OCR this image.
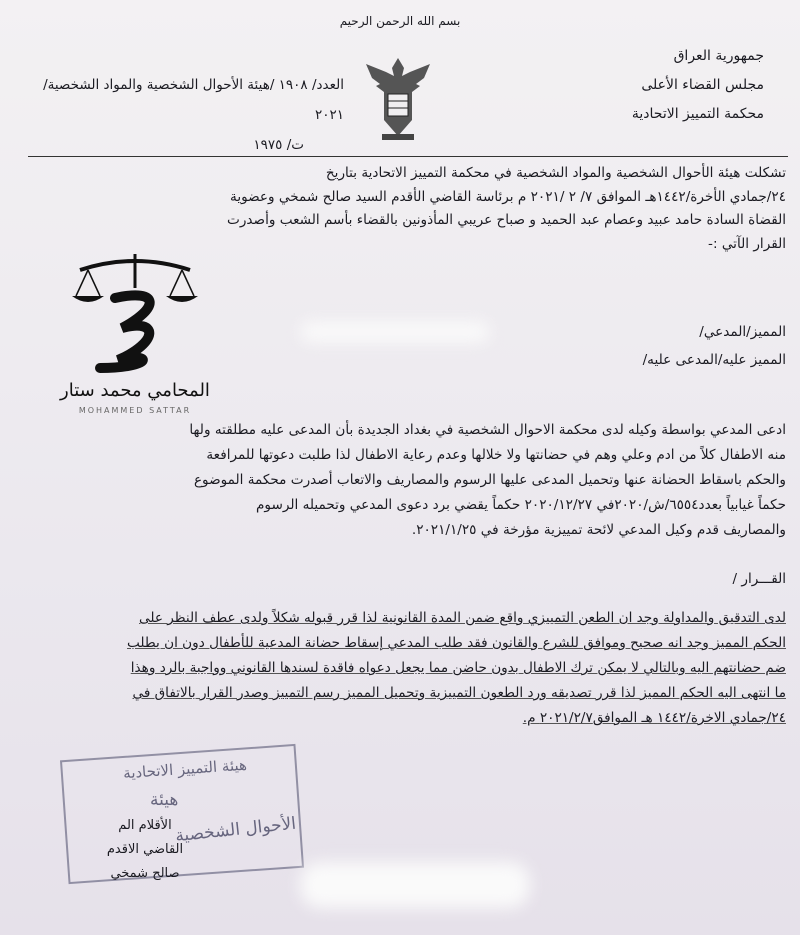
بسم الله الرحمن الرحيم
جمهورية العراق
مجلس القضاء الأعلى
محكمة التمييز الاتحادية
العدد/ ١٩٠٨ /هيئة الأحوال الشخصية والمواد الشخصية/ ٢٠٢١
ت/ ١٩٧٥
تشكلت هيئة الأحوال الشخصية والمواد الشخصية في محكمة التمييز الاتحادية بتاريخ
٢٤/جمادي الأخرة/١٤٤٢هـ الموافق ٧/ ٢ /٢٠٢١ م برئاسة القاضي الأقدم السيد صالح شمخي وعضوية
القضاة السادة حامد عبيد وعصام عبد الحميد و صباح عريبي المأذونين بالقضاء بأسم الشعب وأصدرت
القرار الآتي :-
المميز/المدعي/
المميز عليه/المدعى عليه/
المحامي محمد ستار
MOHAMMED SATTAR
ادعى المدعي بواسطة وكيله لدى محكمة الاحوال الشخصية في بغداد الجديدة بأن المدعى عليه مطلقته ولها
منه الاطفال كلاً من ادم وعلي وهم في حضانتها ولا خلالها وعدم رعاية الاطفال لذا طلبت دعوتها للمرافعة
والحكم باسقاط الحضانة عنها وتحميل المدعى عليها الرسوم والمصاريف والاتعاب أصدرت محكمة الموضوع
حكماً غيابياً بعدد٦٥٥٤/ش/٢٠٢٠في ٢٠٢٠/١٢/٢٧ حكماً يقضي برد دعوى المدعي وتحميله الرسوم
والمصاريف قدم وكيل المدعي لائحة تمييزية مؤرخة في ٢٠٢١/١/٢٥.
القـــرار /
لدى التدقيق والمداولة وجد ان الطعن التمييزي واقع ضمن المدة القانونية لذا قرر قبوله شكلاً ولدى عطف النظر على
الحكم المميز وجد انه صحيح وموافق للشرع والقانون فقد طلب المدعي إسقاط حضانة المدعية للأطفال دون ان يطلب
ضم حضانتهم اليه وبالتالي لا يمكن ترك الاطفال بدون حاضن مما يجعل دعواه فاقدة لسندها القانوني وواجبة بالرد وهذا
ما انتهى اليه الحكم المميز لذا قرر تصديقه ورد الطعون التمييزية وتحميل المميز رسم التمييز وصدر القرار بالاتفاق في
٢٤/جمادي الاخرة/١٤٤٢ هـ الموافق٢٠٢١/٢/٧ م.
هيئة التمييز الاتحادية
هيئة
الأحوال الشخصية
الأقلام الم
القاضي الاقدم
صالح شمخي
